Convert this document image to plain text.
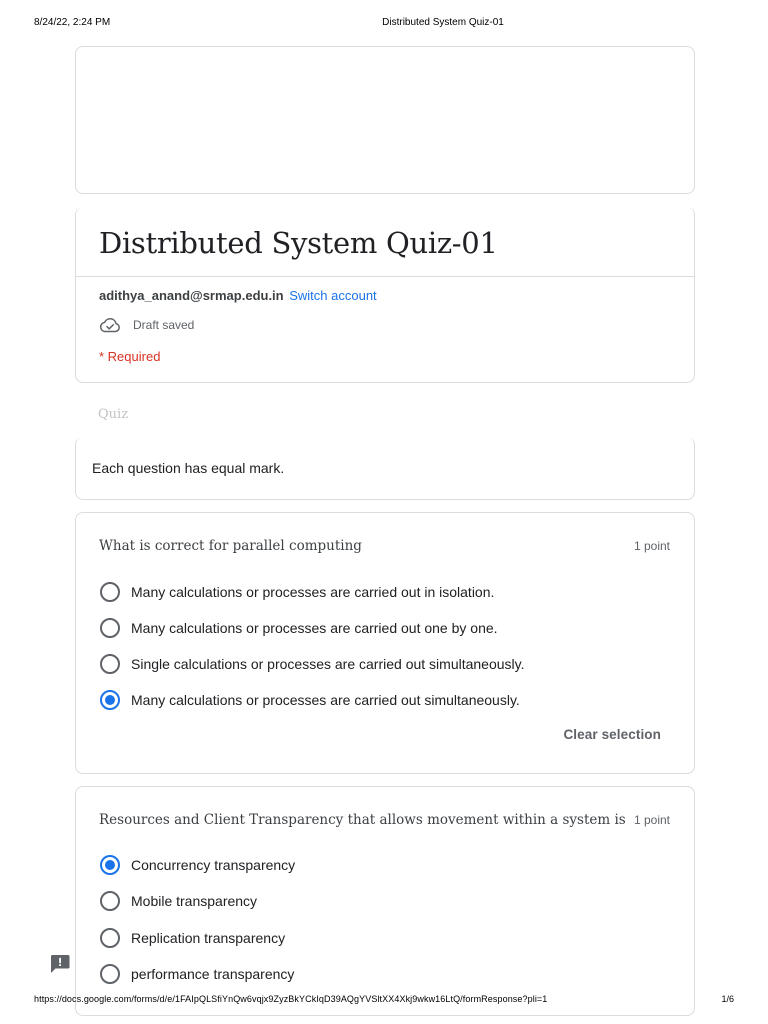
8/24/22, 2:24 PM	Distributed System Quiz-01
Distributed System Quiz-01
adithya_anand@srmap.edu.in Switch account
Draft saved
* Required
Quiz
Each question has equal mark.
What is correct for parallel computing	1 point
Many calculations or processes are carried out in isolation.
Many calculations or processes are carried out one by one.
Single calculations or processes are carried out simultaneously.
Many calculations or processes are carried out simultaneously.
Clear selection
Resources and Client Transparency that allows movement within a system is 1 point
Concurrency transparency
Mobile transparency
Replication transparency
performance transparency
https://docs.google.com/forms/d/e/1FAIpQLSfiYnQw6vqjx9ZyzBkYCkIqD39AQgYVSltXX4Xkj9wkw16LtQ/formResponse?pli=1	1/6
